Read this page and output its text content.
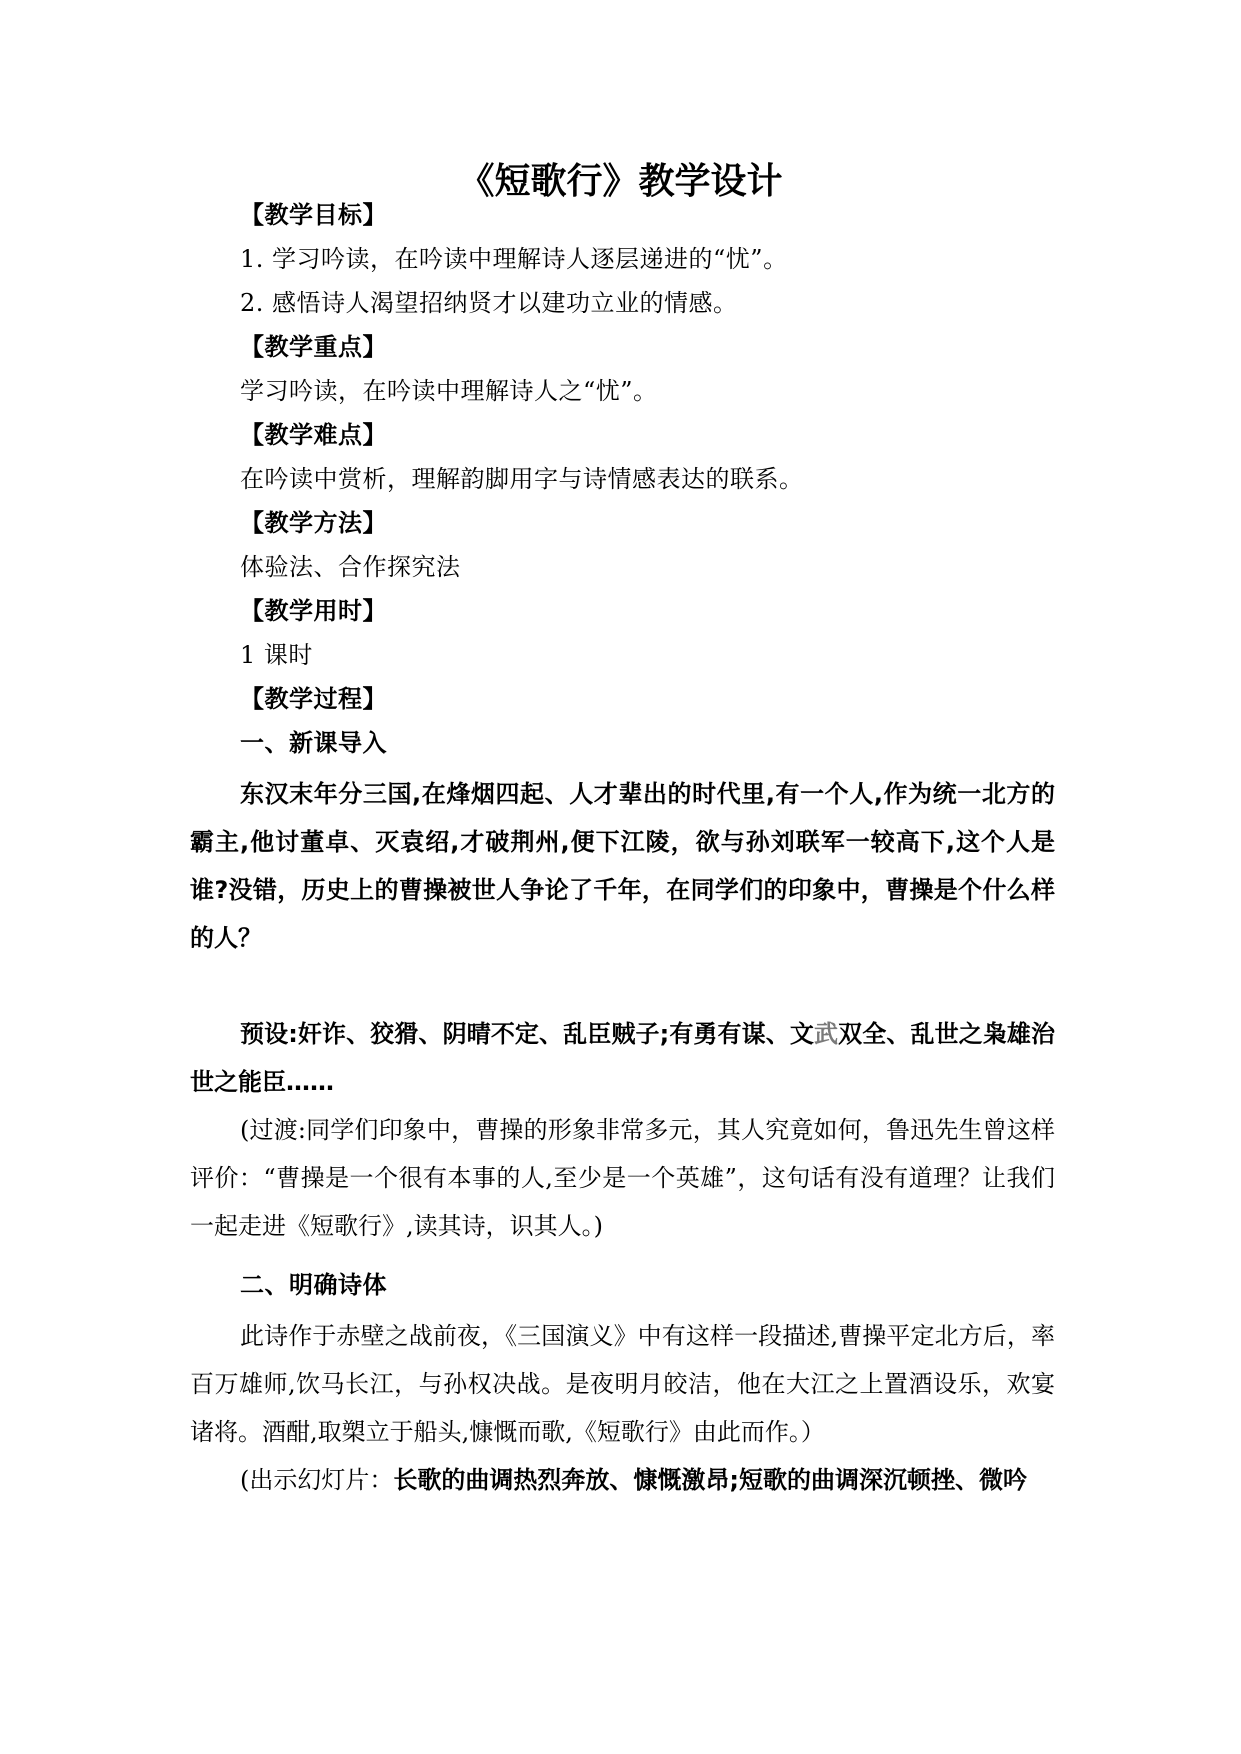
《短歌行》教学设计
【教学目标】
1. 学习吟读，在吟读中理解诗人逐层递进的“忧”。
2. 感悟诗人渴望招纳贤才以建功立业的情感。
【教学重点】
学习吟读，在吟读中理解诗人之“忧”。
【教学难点】
在吟读中赏析，理解韵脚用字与诗情感表达的联系。
【教学方法】
体验法、合作探究法
【教学用时】
1 课时
【教学过程】
一、新课导入
东汉末年分三国,在烽烟四起、人才辈出的时代里,有一个人,作为统一北方的霸主,他讨董卓、灭袁绍,才破荆州,便下江陵，欲与孙刘联军一较高下,这个人是谁?没错，历史上的曹操被世人争论了千年，在同学们的印象中，曹操是个什么样的人？
预设:奸诈、狡猾、阴晴不定、乱臣贼子;有勇有谋、文武双全、乱世之枭雄治世之能臣……
(过渡:同学们印象中，曹操的形象非常多元，其人究竟如何，鲁迅先生曾这样评价：“曹操是一个很有本事的人,至少是一个英雄”，这句话有没有道理？让我们一起走进《短歌行》,读其诗，识其人。)
二、明确诗体
此诗作于赤壁之战前夜，《三国演义》中有这样一段描述,曹操平定北方后，率百万雄师,饮马长江，与孙权决战。是夜明月皎洁，他在大江之上置酒设乐，欢宴诸将。酒酣,取槊立于船头,慷慨而歌,《短歌行》由此而作。）
(出示幻灯片：长歌的曲调热烈奔放、慷慨激昂;短歌的曲调深沉顿挫、微吟
